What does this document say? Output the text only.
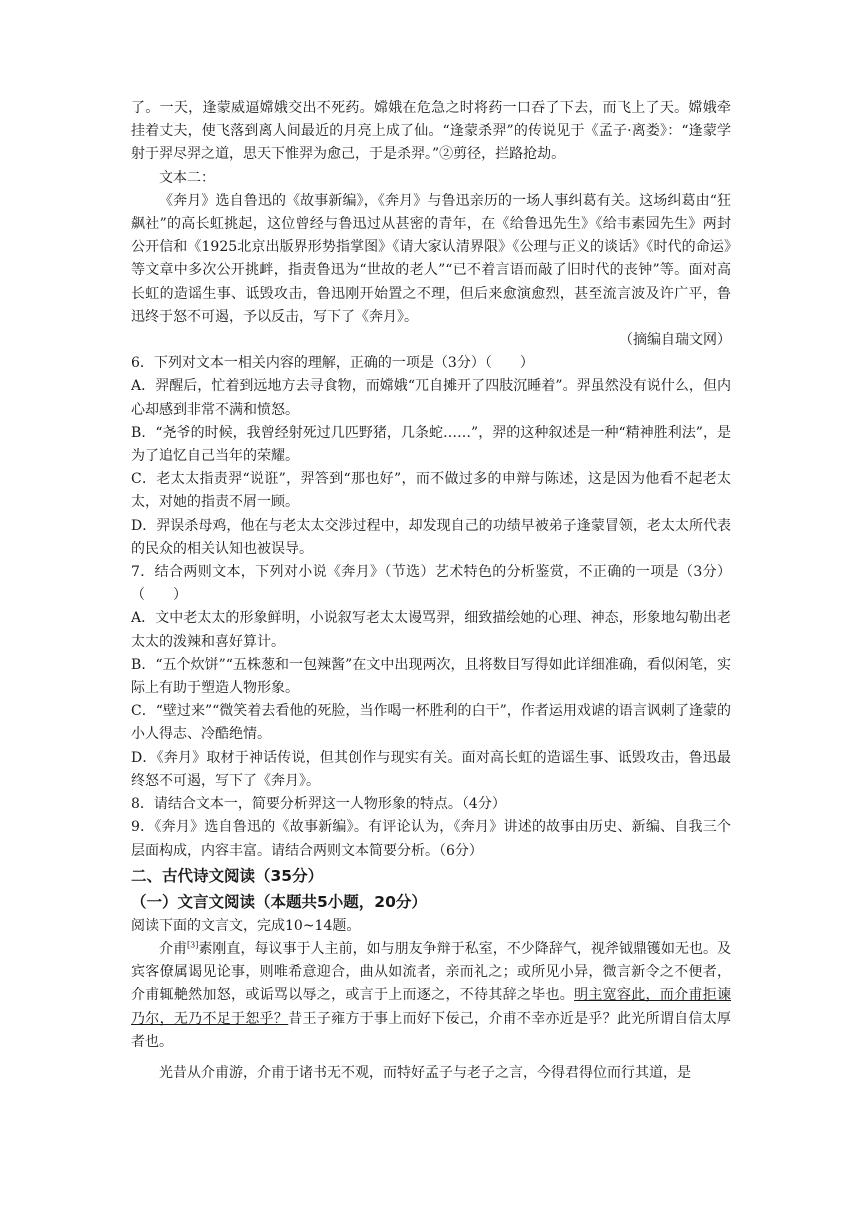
了。一天，逢蒙威逼嫦娥交出不死药。嫦娥在危急之时将药一口吞了下去，而飞上了天。嫦娥牵挂着丈夫，使飞落到离人间最近的月亮上成了仙。“逢蒙杀羿”的传说见于《孟子·离娄》：“逢蒙学射于羿尽羿之道，思天下惟羿为愈己，于是杀羿。”②剪径，拦路抢劫。

文本二：

《奔月》选自鲁迅的《故事新编》，《奔月》与鲁迅亲历的一场人事纠葛有关。这场纠葛由“狂飙社”的高长虹挑起，这位曾经与鲁迅过从甚密的青年，在《给鲁迅先生》《给韦素园先生》两封公开信和《1925北京出版界形势指掌图》《请大家认清界限》《公理与正义的谈话》《时代的命运》等文章中多次公开挑衅，指责鲁迅为“世故的老人”“已不着言语而敲了旧时代的丧钟”等。面对高长虹的造谣生事、诋毁攻击，鲁迅刚开始置之不理，但后来愈演愈烈，甚至流言波及许广平，鲁迅终于怒不可遏，予以反击，写下了《奔月》。

（摘编自瑞文网）

6．下列对文本一相关内容的理解，正确的一项是（3分）（　　）

A．羿醒后，忙着到远地方去寻食物，而嫦娥“兀自摊开了四肢沉睡着”。羿虽然没有说什么，但内心却感到非常不满和愤怒。

B．“尧爷的时候，我曾经射死过几匹野猪，几条蛇……”，羿的这种叙述是一种“精神胜利法”，是为了追忆自己当年的荣耀。

C．老太太指责羿“说诳”，羿答到“那也好”，而不做过多的申辩与陈述，这是因为他看不起老太太，对她的指责不屑一顾。

D．羿误杀母鸡，他在与老太太交涉过程中，却发现自己的功绩早被弟子逢蒙冒领，老太太所代表的民众的相关认知也被误导。

7．结合两则文本，下列对小说《奔月》（节选）艺术特色的分析鉴赏，不正确的一项是（3分）（　　）

A．文中老太太的形象鲜明，小说叙写老太太谩骂羿，细致描绘她的心理、神态，形象地勾勒出老太太的泼辣和喜好算计。

B．“五个炊饼”“五株葱和一包辣酱”在文中出现两次，且将数目写得如此详细准确，看似闲笔，实际上有助于塑造人物形象。

C．“壁过来”“微笑着去看他的死脸，当作喝一杯胜利的白干”，作者运用戏谑的语言讽刺了逢蒙的小人得志、冷酷绝情。

D．《奔月》取材于神话传说，但其创作与现实有关。面对高长虹的造谣生事、诋毁攻击，鲁迅最终怒不可遏，写下了《奔月》。

8．请结合文本一，简要分析羿这一人物形象的特点。（4分）

9．《奔月》选自鲁迅的《故事新编》。有评论认为，《奔月》讲述的故事由历史、新编、自我三个层面构成，内容丰富。请结合两则文本简要分析。（6分）

二、古代诗文阅读（35分）

（一）文言文阅读（本题共5小题，20分）

阅读下面的文言文，完成10~14题。

介甫[3]素刚直，每议事于人主前，如与朋友争辩于私室，不少降辞气，视斧钺鼎镬如无也。及宾客僚属谒见论事，则唯希意迎合，曲从如流者，亲而礼之；或所见小异，微言新令之不便者，介甫辄艴然加怒，或诟骂以辱之，或言于上而逐之，不待其辞之毕也。明主宽容此，而介甫拒谏乃尔，无乃不足于恕乎？昔王子雍方于事上而好下佞己，介甫不幸亦近是乎？此光所谓自信太厚者也。

光昔从介甫游，介甫于诸书无不观，而特好孟子与老子之言，今得君得位而行其道，是
